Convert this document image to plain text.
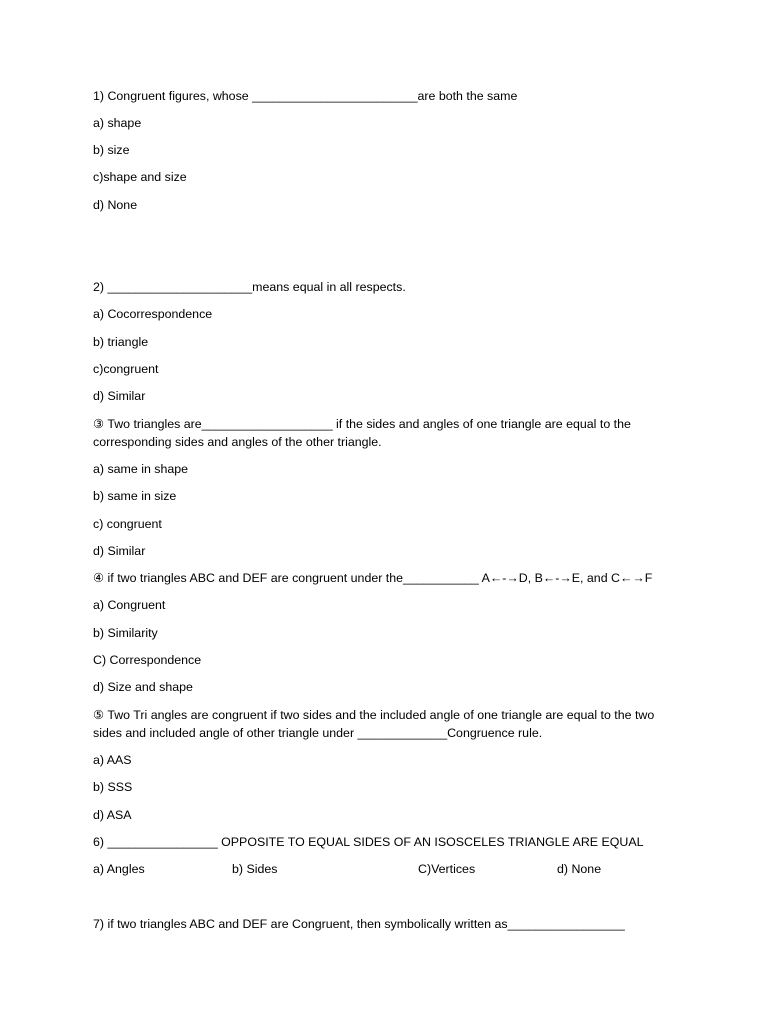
1) Congruent figures, whose ________________________are both the same
a) shape
b) size
c)shape and size
d) None
2) _____________________means equal in all respects.
a) Cocorrespondence
b) triangle
c)congruent
d) Similar
③ Two triangles are___________________ if the sides and angles of one triangle are equal to the corresponding sides and angles of the other triangle.
a) same in shape
b) same in size
c) congruent
d) Similar
④ if two triangles ABC and DEF are congruent under the___________ A←-→D, B←-→E, and C←→F
a) Congruent
b) Similarity
C) Correspondence
d) Size and shape
⑤ Two Tri angles are congruent if two sides and the included angle of one triangle are equal to the two sides and included angle of other triangle under _____________Congruence rule.
a) AAS
b) SSS
d) ASA
6) ________________ OPPOSITE TO EQUAL SIDES OF AN ISOSCELES TRIANGLE ARE EQUAL
a) Angles	b) Sides	C)Vertices	d) None
7) if two triangles ABC and DEF are Congruent, then symbolically written as_________________
